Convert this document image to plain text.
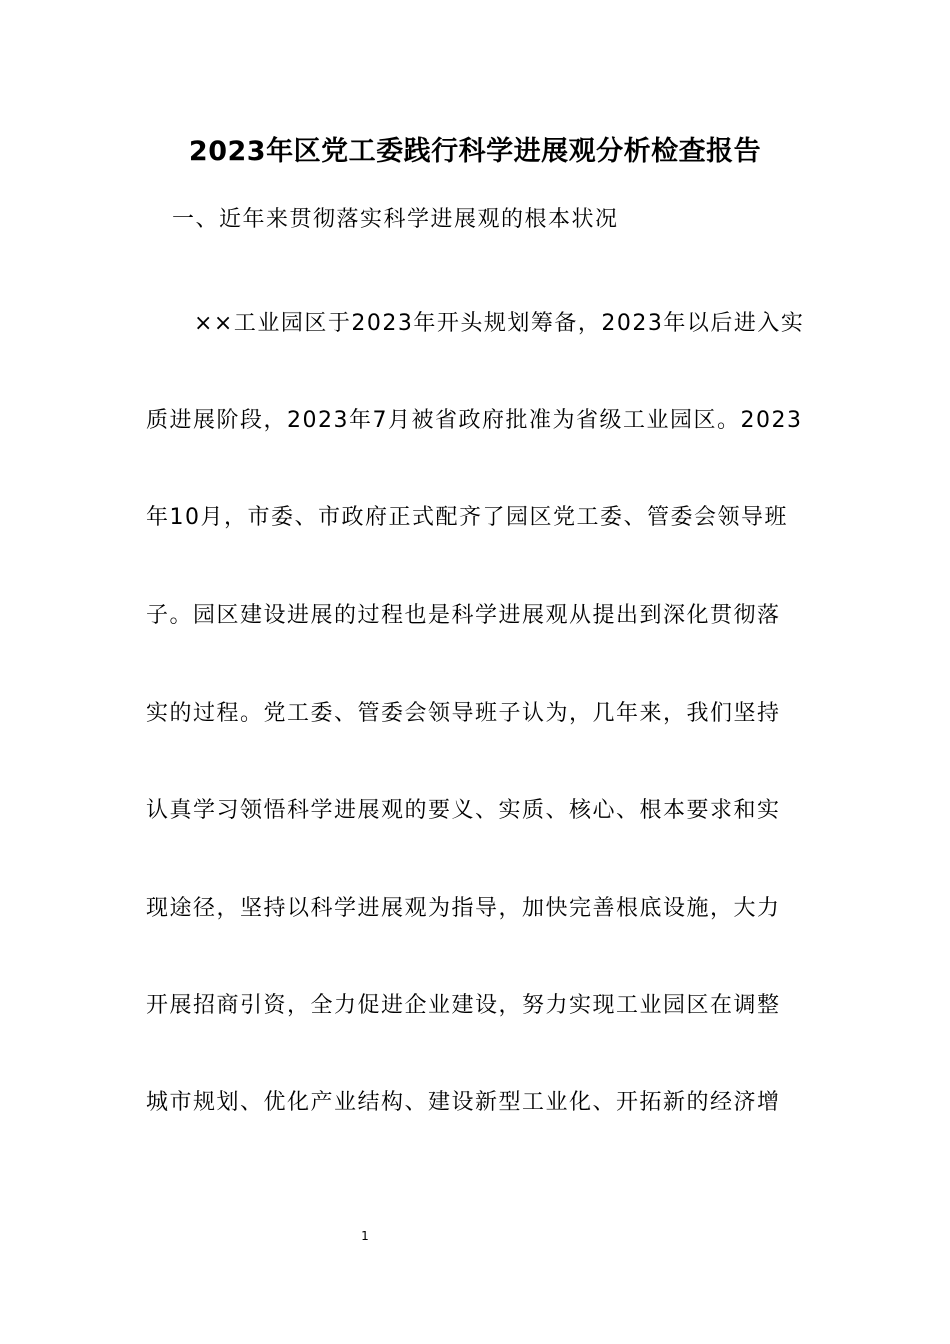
2023年区党工委践行科学进展观分析检查报告
一、近年来贯彻落实科学进展观的根本状况
××工业园区于2023年开头规划筹备，2023年以后进入实
质进展阶段，2023年7月被省政府批准为省级工业园区。2023
年10月，市委、市政府正式配齐了园区党工委、管委会领导班
子。园区建设进展的过程也是科学进展观从提出到深化贯彻落
实的过程。党工委、管委会领导班子认为，几年来，我们坚持
认真学习领悟科学进展观的要义、实质、核心、根本要求和实
现途径，坚持以科学进展观为指导，加快完善根底设施，大力
开展招商引资，全力促进企业建设，努力实现工业园区在调整
城市规划、优化产业结构、建设新型工业化、开拓新的经济增
1
